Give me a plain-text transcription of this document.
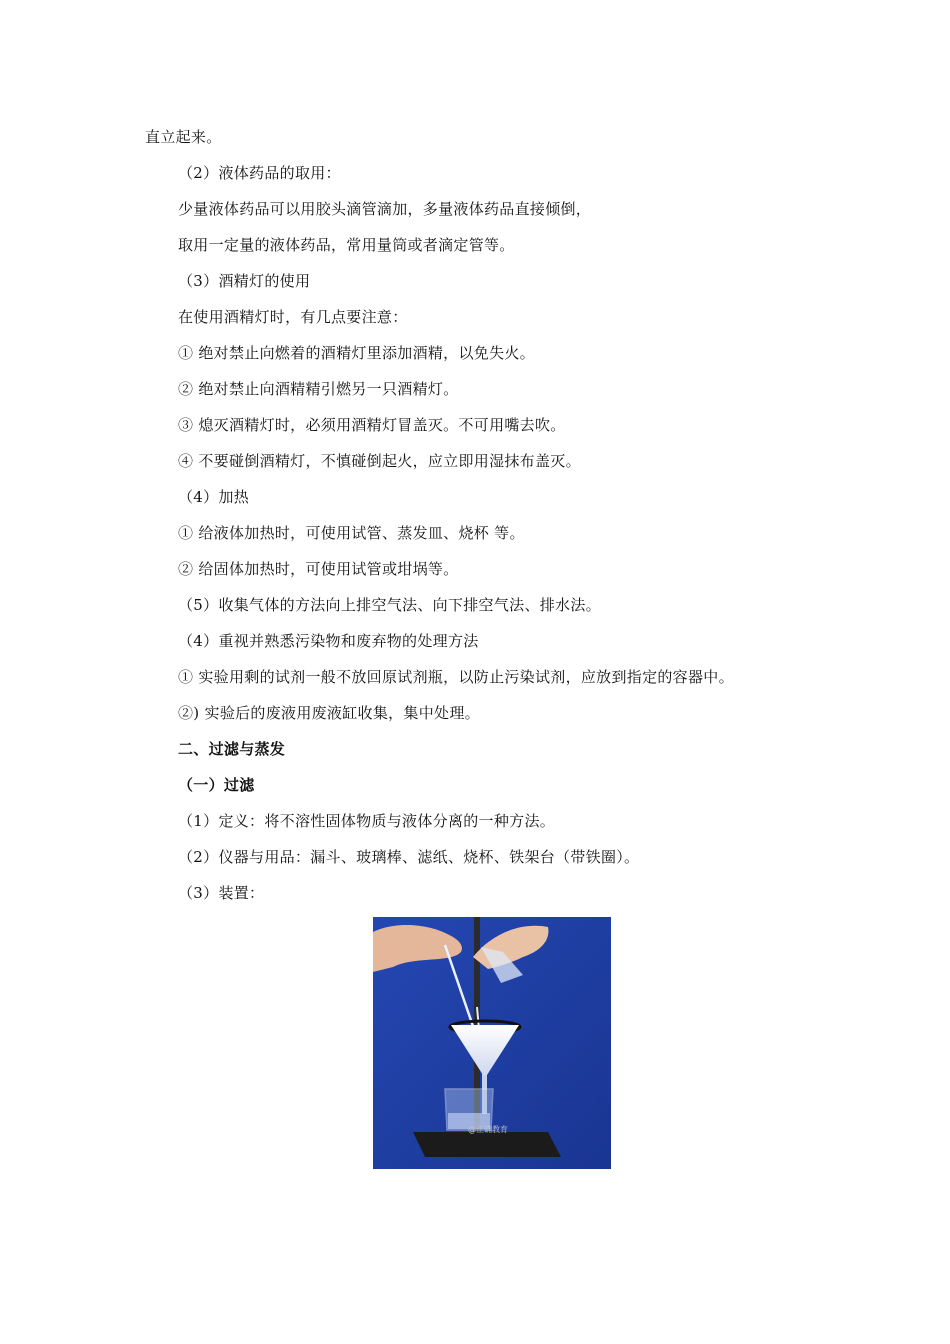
直立起来。
（2）液体药品的取用：
少量液体药品可以用胶头滴管滴加，多量液体药品直接倾倒，
取用一定量的液体药品，常用量筒或者滴定管等。
（3）酒精灯的使用
在使用酒精灯时，有几点要注意：
① 绝对禁止向燃着的酒精灯里添加酒精，以免失火。
② 绝对禁止向酒精精引燃另一只酒精灯。
③ 熄灭酒精灯时，必须用酒精灯冒盖灭。不可用嘴去吹。
④ 不要碰倒酒精灯，不慎碰倒起火，应立即用湿抹布盖灭。
（4）加热
① 给液体加热时，可使用试管、蒸发皿、烧杯 等。
② 给固体加热时，可使用试管或坩埚等。
（5）收集气体的方法向上排空气法、向下排空气法、排水法。
（4）重视并熟悉污染物和废弃物的处理方法
① 实验用剩的试剂一般不放回原试剂瓶，以防止污染试剂，应放到指定的容器中。
②) 实验后的废液用废液缸收集，集中处理。
二、过滤与蒸发
（一）过滤
（1）定义：将不溶性固体物质与液体分离的一种方法。
（2）仪器与用品：漏斗、玻璃棒、滤纸、烧杯、铁架台（带铁圈）。
（3）装置：
@正确教育
